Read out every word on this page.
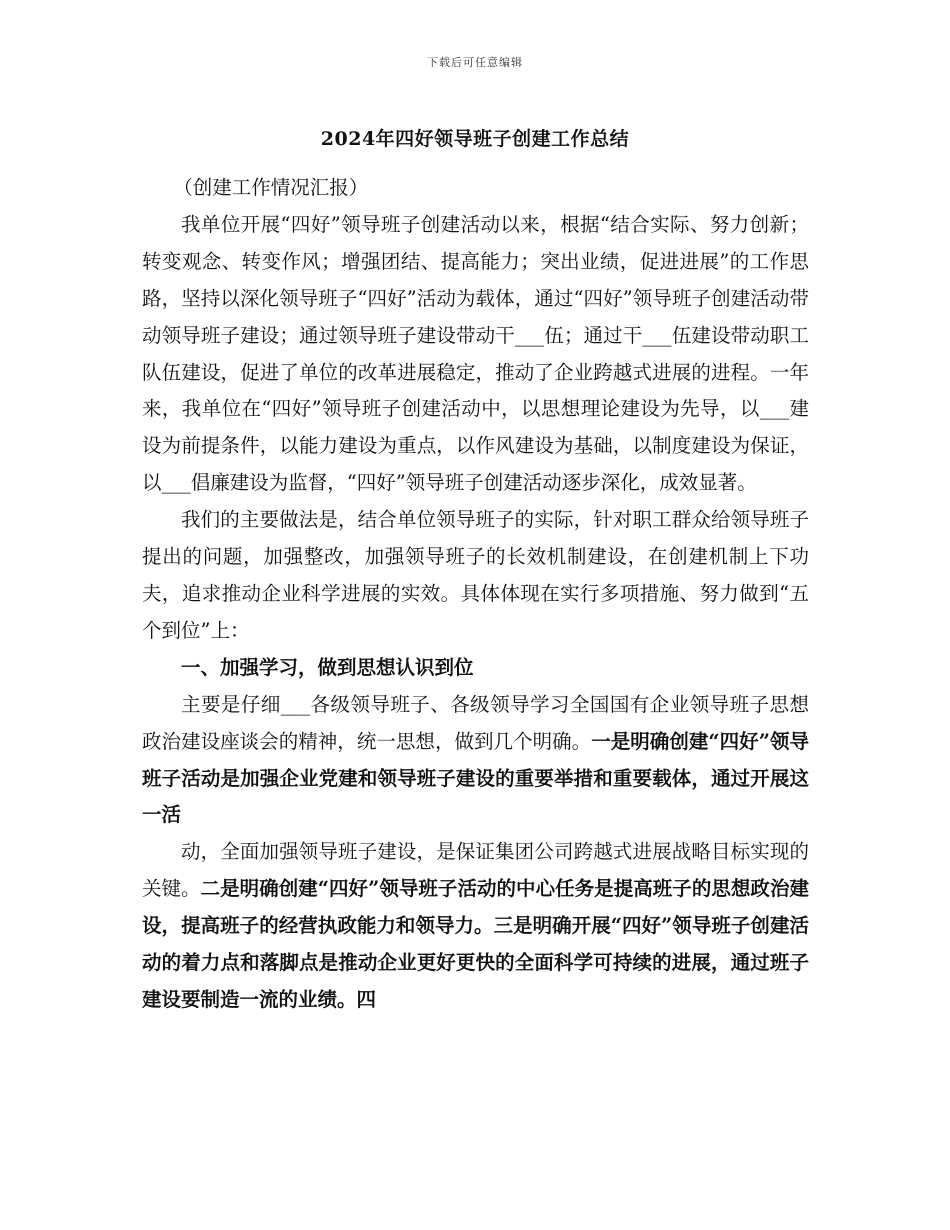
下载后可任意编辑
2024年四好领导班子创建工作总结

（创建工作情况汇报）

我单位开展“四好”领导班子创建活动以来，根据“结合实际、努力创新；转变观念、转变作风；增强团结、提高能力；突出业绩，促进进展”的工作思路，坚持以深化领导班子“四好”活动为载体，通过“四好”领导班子创建活动带动领导班子建设；通过领导班子建设带动干___伍；通过干___伍建设带动职工队伍建设，促进了单位的改革进展稳定，推动了企业跨越式进展的进程。一年来，我单位在“四好”领导班子创建活动中，以思想理论建设为先导，以___建设为前提条件，以能力建设为重点，以作风建设为基础，以制度建设为保证，以___倡廉建设为监督，“四好”领导班子创建活动逐步深化，成效显著。

我们的主要做法是，结合单位领导班子的实际，针对职工群众给领导班子提出的问题，加强整改，加强领导班子的长效机制建设，在创建机制上下功夫，追求推动企业科学进展的实效。具体体现在实行多项措施、努力做到“五个到位”上：

一、加强学习，做到思想认识到位

主要是仔细___各级领导班子、各级领导学习全国国有企业领导班子思想政治建设座谈会的精神，统一思想，做到几个明确。一是明确创建“四好”领导班子活动是加强企业党建和领导班子建设的重要举措和重要载体，通过开展这一活

动，全面加强领导班子建设，是保证集团公司跨越式进展战略目标实现的关键。二是明确创建“四好”领导班子活动的中心任务是提高班子的思想政治建设，提高班子的经营执政能力和领导力。三是明确开展“四好”领导班子创建活动的着力点和落脚点是推动企业更好更快的全面科学可持续的进展，通过班子建设要制造一流的业绩。四
